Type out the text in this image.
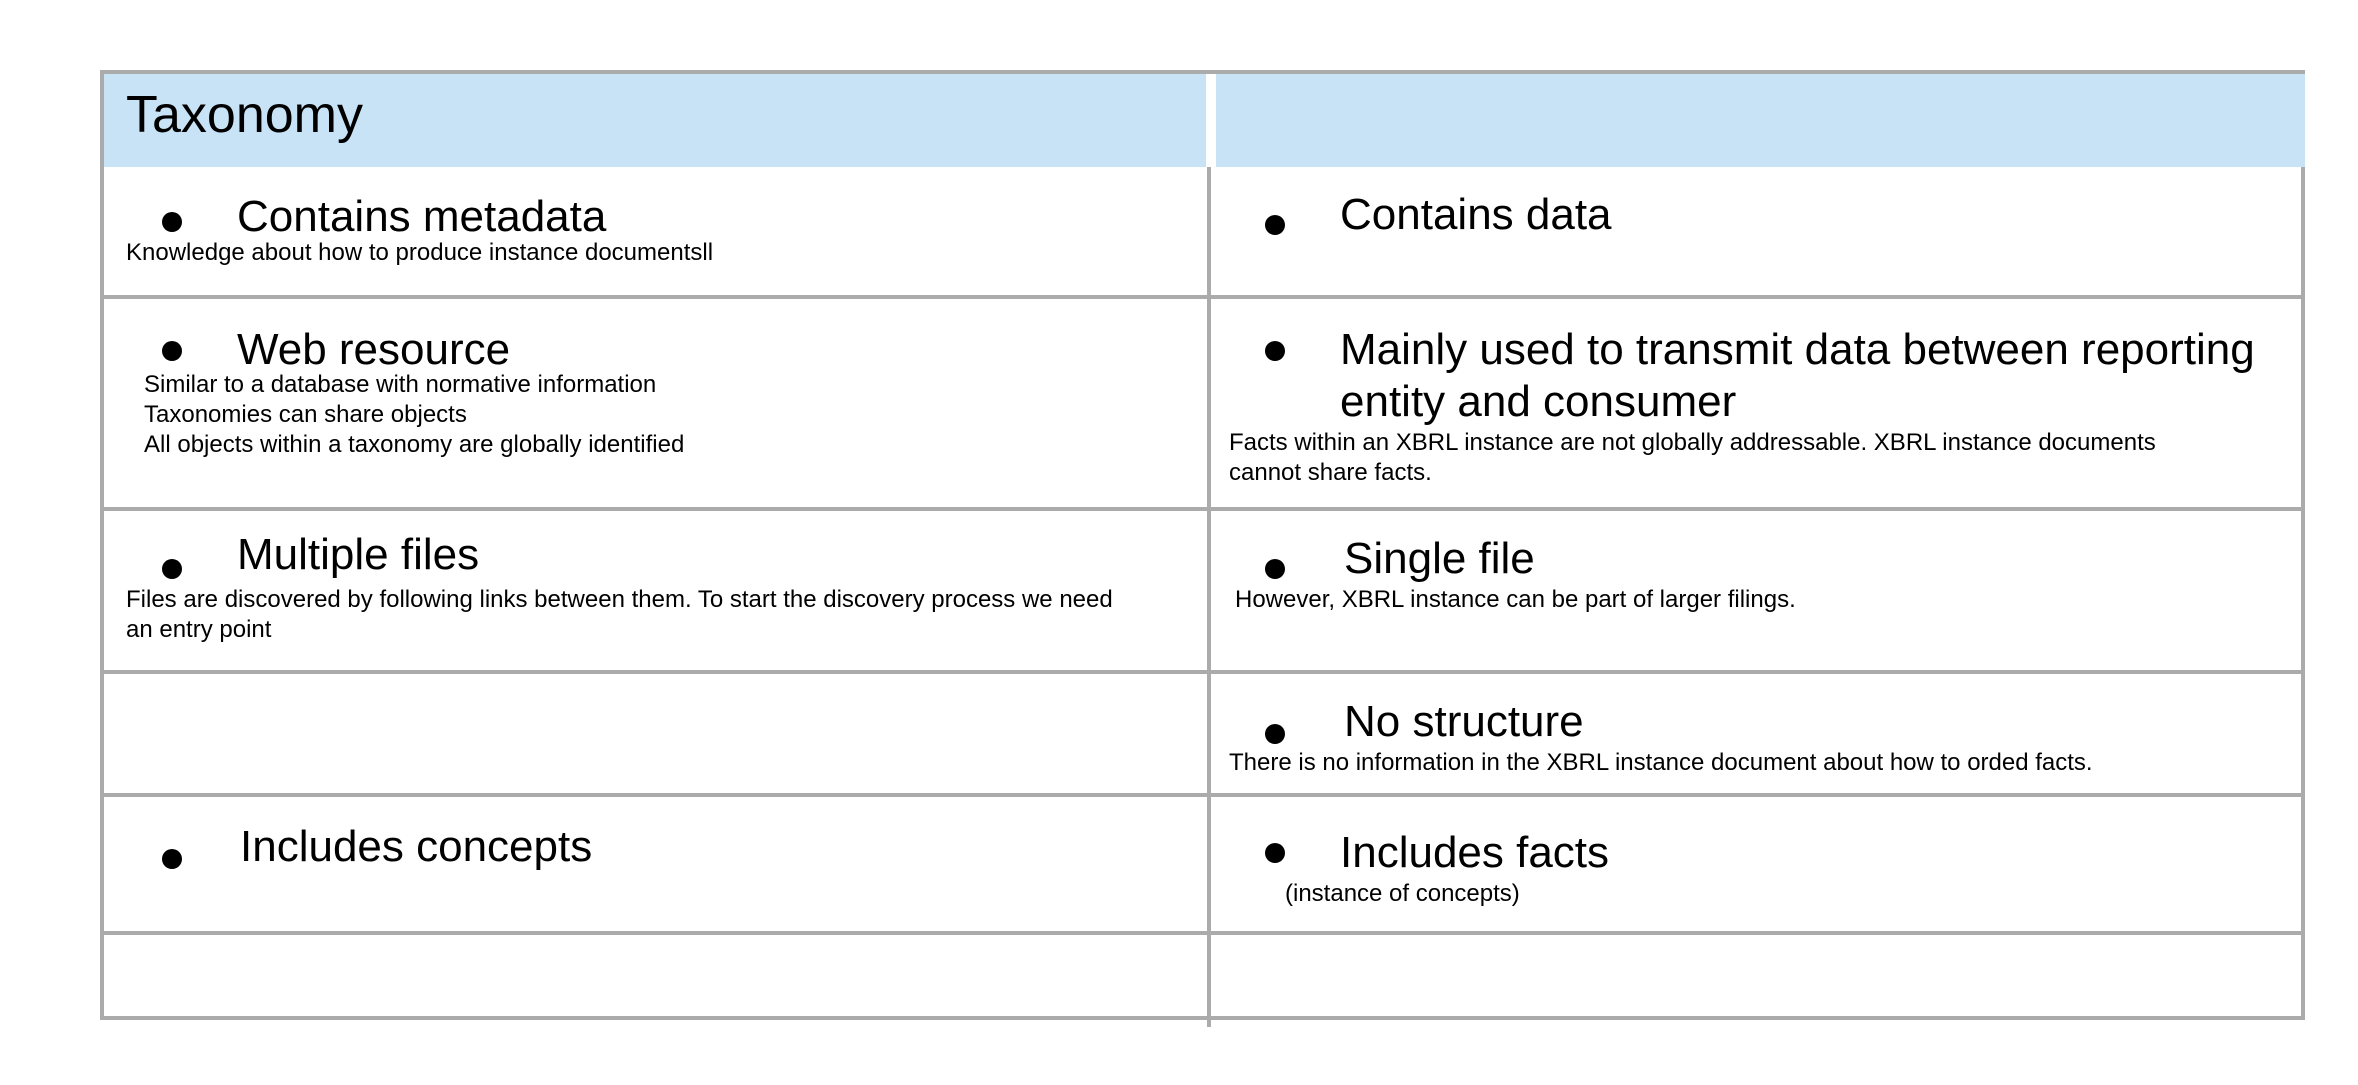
Taxonomy
Contains metadata
Knowledge about how to produce instance documentsll
Contains data
Web resource
Similar to a database with normative information
Taxonomies can share objects
All objects within a taxonomy are globally identified
Mainly used to transmit data between reporting
entity and consumer
Facts within an XBRL instance are not globally addressable. XBRL instance documents
cannot share facts.
Multiple files
Files are discovered by following links between them. To start the discovery process we need
an entry point
Single file
However, XBRL instance can be part of larger filings.
No structure
There is no information in the XBRL instance document about how to orded facts.
Includes concepts	Includes facts
(instance of concepts)
